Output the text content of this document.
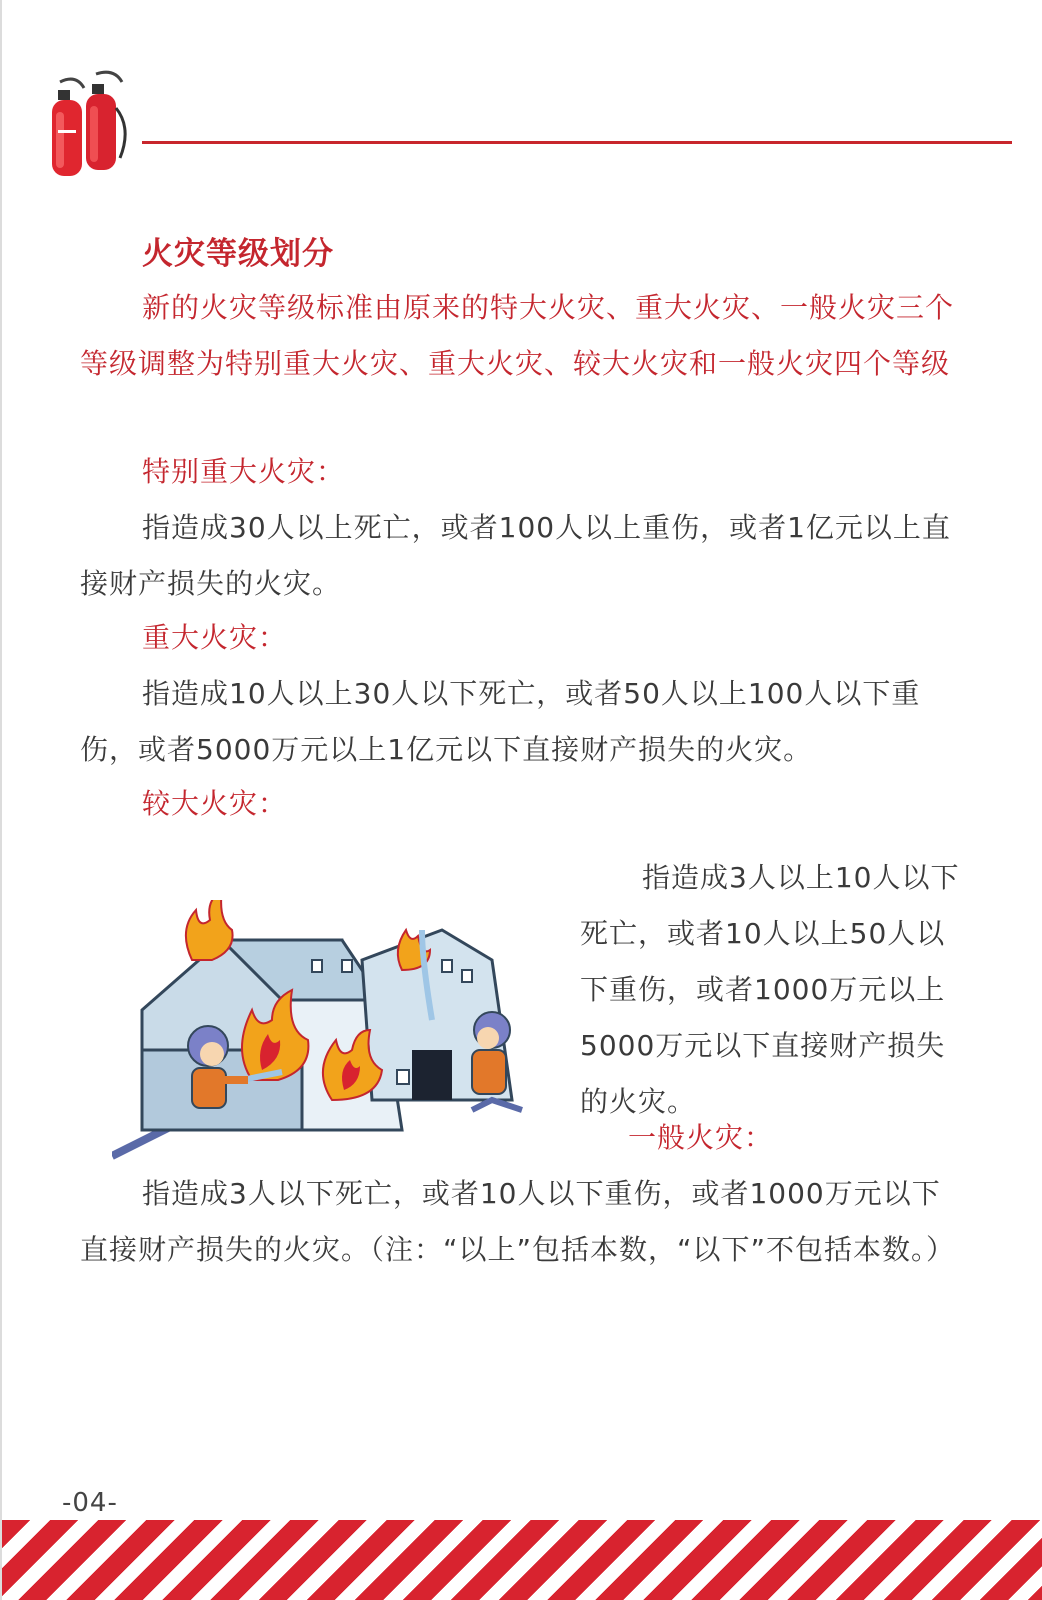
火灾等级划分
新的火灾等级标准由原来的特大火灾、重大火灾、一般火灾三个等级调整为特别重大火灾、重大火灾、较大火灾和一般火灾四个等级
特别重大火灾：
指造成30人以上死亡，或者100人以上重伤，或者1亿元以上直接财产损失的火灾。
重大火灾：
指造成10人以上30人以下死亡，或者50人以上100人以下重伤，或者5000万元以上1亿元以下直接财产损失的火灾。
较大火灾：
指造成3人以上10人以下死亡，或者10人以上50人以下重伤，或者1000万元以上5000万元以下直接财产损失的火灾。
一般火灾：
指造成3人以下死亡，或者10人以下重伤，或者1000万元以下直接财产损失的火灾。（注：“以上”包括本数，“以下”不包括本数。）
-04-
